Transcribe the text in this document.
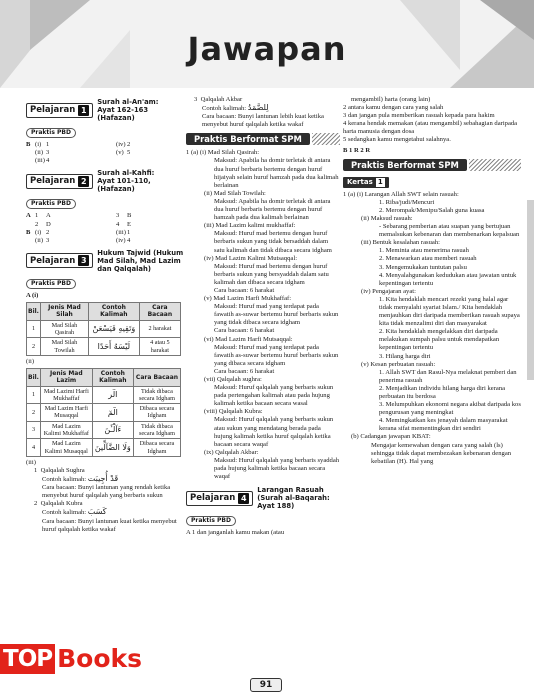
Jawapan
Pelajaran 1
Surah al-An'am:
Ayat 162-163 (Hafazan)
Praktis PBD
B (i) 1	(iv) 2
(ii) 3	(v) 5
(iii) 4
Pelajaran 2
Surah al-Kahfi:
Ayat 101-110, (Hafazan)
Praktis PBD
A 1	A	3	B
2	D	4	E
B (i) 2	(iii) 1
(ii) 3	(iv) 4
Pelajaran 3
Hukum Tajwid (Hukum
Mad Silah, Mad Lazim
dan Qalqalah)
Praktis PBD
A (i)
Bil.	Jenis Mad Silah	Contoh Kalimah	Cara Bacaan
1	Mad Silah Qasirah	وَتَقِيهِ فَيَسْعَنْ	2 harakat
2	Mad Silah Towilah	لَيْسَهُ أَحَدًا	4 atau 5 harakat
(ii)
Bil.	Jenis Mad Lazim	Contoh Kalimah	Cara Bacaan
1	Mad Lazimi Harfi Mukhaffaf	الٓر	Tidak dibaca secara Idgham
2	Mad Lazim Harfi Musaqqal	الٓمٓ	Dibaca secara Idgham
3	Mad Lazim Kalimi Mukhaffaf	ءَآلْـَٔنَ	Tidak dibaca secara Idgham
4	Mad Lazim Kalimi Musaqqal	وَلَا الضَّآلِّينَ	Dibaca secara Idgham
(iii)
1 Qalqalah Sughra
Contoh kalimah: قَدْ أُجِيبَت
Cara bacaan: Bunyi lantunan yang rendah ketika menyebut huruf qalqalah yang berbaris sukun
2 Qalqalah Kubra
Contoh kalimah: كَسَبَ
Cara bacaan: Bunyi lantunan kuat ketika menyebut huruf qalqalah ketika wakaf
3 Qalqalah Akbar
Contoh kalimah: لِلصَّمَدُ
Cara bacaan: Bunyi lantunan lebih kuat ketika menyebut huruf qalqalah ketika wakaf
Praktis Berformat SPM
1 (a) (i) Mad Silah Qasirah:
Maksud: Apabila ha domir terletak di antara dua huruf berbaris bertemu dengan huruf hijaiyah selain huruf hamzah pada dua kalimah berlainan
(ii) Mad Silah Towilah:
Maksud: Apabila ha domir terletak di antara dua huruf berbaris bertemu dengan huruf hamzah pada dua kalimah berlainan
(iii) Mad Lazim kalimi mukhaffaf:
Maksud: Huruf mad bertemu dengan huruf berbaris sukun yang tidak bersaddah dalam satu kalimah dan tidak dibaca secara idgham
(iv) Mad Lazim Kalimi Mutsaqqal:
Maksud: Huruf mad bertemu dengan huruf berbaris sukun yang bersyaddah dalam satu kalimah dan dibaca secara idgham
Cara bacaan: 6 harakat
(v) Mad Lazim Harfi Mukhaffaf:
Maksud: Huruf mad yang terdapat pada fawatih as-suwar bertemu huruf berbaris sukun yang tidak dibaca secara idgham
Cara bacaan: 6 harakat
(vi) Mad Lazim Harfi Mutsaqqal:
Maksud: Huruf mad yang terdapat pada fawatih as-suwar bertemu huruf berbaris sukun yang dibaca secara idgham
Cara bacaan: 6 harakat
(vii) Qalqalah sughra:
Maksud: Huruf qalqalah yang berbaris sukun pada pertengahan kalimah atau pada hujung kalimah ketika bacaan secara wasal
(viii) Qalqalah Kubra:
Maksud: Huruf qalqalah yang berbaris sukun atau sukun yang mendatang berada pada hujung kalimah ketika huruf qalqalah ketika bacaan secara waqaf
(ix) Qalqalah Akbar:
Maksud: Huruf qalqalah yang berbaris syaddah pada hujung kalimah ketika bacaan secara waqaf
Pelajaran 4
Larangan Rasuah
(Surah al-Baqarah:
Ayat 188)
Praktis PBD
A 1 dan janganlah kamu makan (atau
mengambil) harta (orang lain)
2 antara kamu dengan cara yang salah
3 dan jangan pula memberikan rasuah kepada para hakim
4 kerana hendak memakan (atau mengambil) sebahagian daripada harta manusia dengan dosa
5 sedangkan kamu mengetahui salahnya.
B 1 R 2 R
Praktis Berformat SPM
Kertas 1
1 (a) (i) Larangan Allah SWT selain rasuah:
1. Riba/judi/Mencuri
2. Merompak/Menipu/Salah guna kuasa
(ii) Maksud rasuah:
- Sebarang pemberian atau suapan yang bertujuan memalsukan kebenaran dan membenarkan kepalsuan
(iii) Bentuk kesalahan rasuah:
1. Meminta atau menerima rasuah
2. Menawarkan atau memberi rasuah
3. Mengemukakan tuntutan palsu
4. Menyalahgunakan kedudukan atau jawatan untuk kepentingan tertentu
(iv) Pengajaran ayat:
1. Kita hendaklah mencari rezeki yang halal agar tidak menyalahi syariat Islam./ Kita hendaklah menjauhkan diri daripada memberikan rasuah supaya kita tidak menzalimi diri dan masyarakat
2. Kita hendaklah mengelakkan diri daripada melakukan sumpah palsu untuk mendapatkan kepentingan tertentu
3. Hilang harga diri
(v) Kesan perbuatan rasuah:
1. Allah SWT dan Rasul-Nya melaknat pemberi dan penerima rasuah
2. Menjadikan individu hilang harga diri kerana perbuatan itu berdosa
3. Melumpuhkan ekonomi negara akibat daripada kos pengurusan yang meningkat
4. Memingkatkan kes jenayah dalam masyarakat kerana sifat mementingkan diri sendiri
(b) Cadangan jawapan KBAT:
Mengajar kemewahan dengan cara yang salah (ls) sehingga tidak dapat membezakan kebenaran dengan kebatilan (H). Hal yang
91
TOP Books
